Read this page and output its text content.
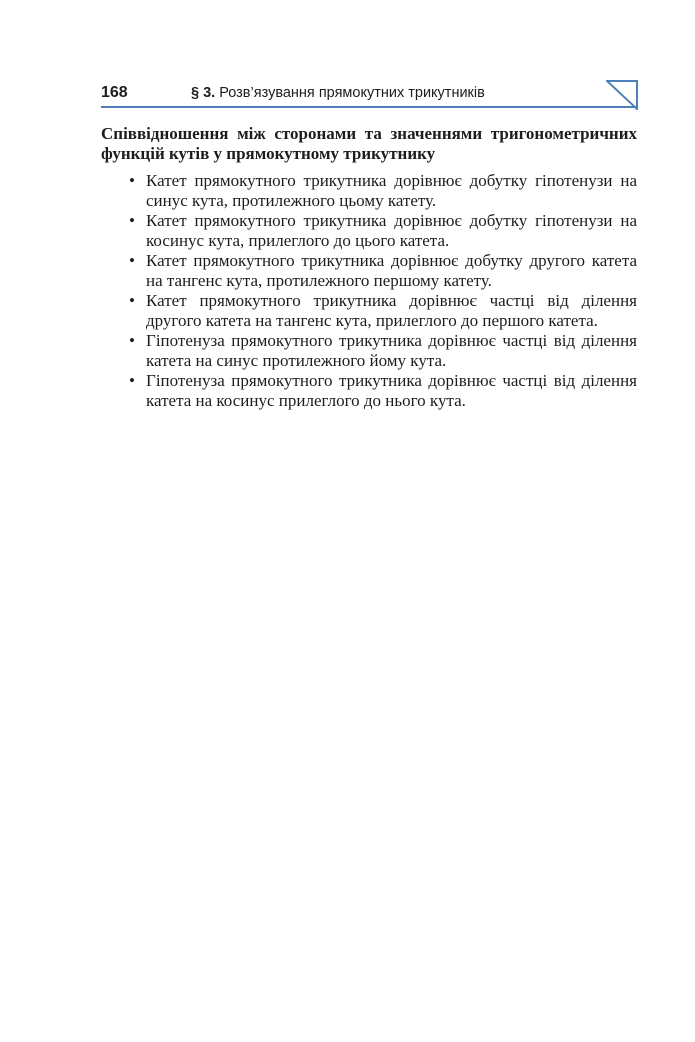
168	§ 3. Розв’язування прямокутних трикутників

Співвідношення між сторонами та значеннями тригонометричних функцій кутів у прямокутному трикутнику

• Катет прямокутного трикутника дорівнює добутку гіпотенузи на синус кута, протилежного цьому катету.
• Катет прямокутного трикутника дорівнює добутку гіпотенузи на косинус кута, прилеглого до цього катета.
• Катет прямокутного трикутника дорівнює добутку другого катета на тангенс кута, протилежного першому катету.
• Катет прямокутного трикутника дорівнює частці від ділення другого катета на тангенс кута, прилеглого до першого катета.
• Гіпотенуза прямокутного трикутника дорівнює частці від ділення катета на синус протилежного йому кута.
• Гіпотенуза прямокутного трикутника дорівнює частці від ділення катета на косинус прилеглого до нього кута.
